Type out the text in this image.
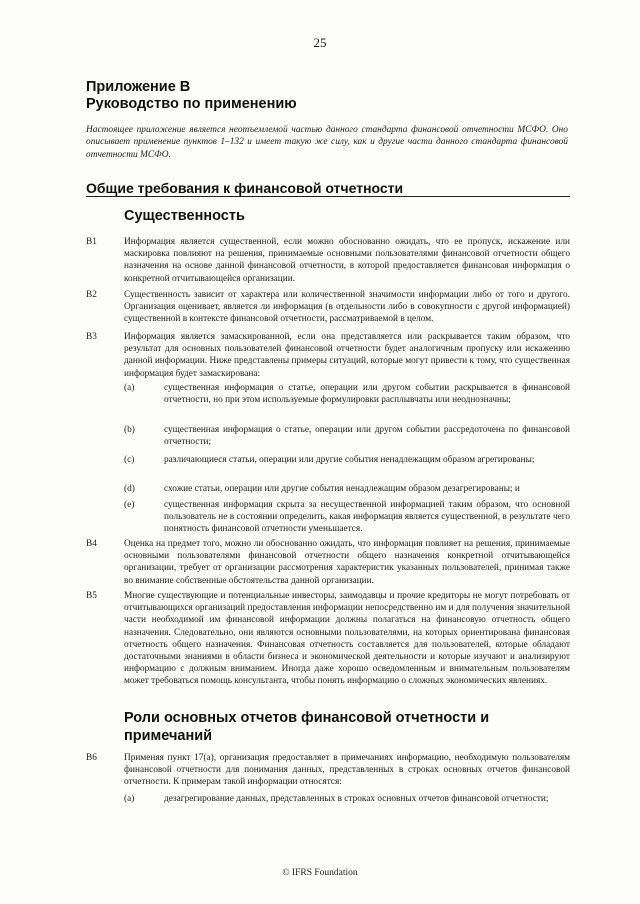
25
Приложение B
Руководство по применению
Настоящее приложение является неотъемлемой частью данного стандарта финансовой отчетности МСФО. Оно описывает применение пунктов 1–132 и имеет такую же силу, как и другие части данного стандарта финансовой отчетности МСФО.
Общие требования к финансовой отчетности
Существенность
B1	Информация является существенной, если можно обоснованно ожидать, что ее пропуск, искажение или маскировка повлияют на решения, принимаемые основными пользователями финансовой отчетности общего назначения на основе данной финансовой отчетности, в которой предоставляется финансовая информация о конкретной отчитывающейся организации.
B2	Существенность зависит от характера или количественной значимости информации либо от того и другого. Организация оценивает, является ли информация (в отдельности либо в совокупности с другой информацией) существенной в контексте финансовой отчетности, рассматриваемой в целом.
B3	Информация является замаскированной, если она представляется или раскрывается таким образом, что результат для основных пользователей финансовой отчетности будет аналогичным пропуску или искажению данной информации. Ниже представлены примеры ситуаций, которые могут привести к тому, что существенная информация будет замаскирована:
(a)	существенная информация о статье, операции или другом событии раскрывается в финансовой отчетности, но при этом используемые формулировки расплывчаты или неоднозначны;
(b)	существенная информация о статье, операции или другом событии рассредоточена по финансовой отчетности;
(c)	различающиеся статьи, операции или другие события ненадлежащим образом агрегированы;
(d)	схожие статьи, операции или другие события ненадлежащим образом дезагрегированы; и
(e)	существенная информация скрыта за несущественной информацией таким образом, что основной пользователь не в состоянии определить, какая информация является существенной, в результате чего понятность финансовой отчетности уменьшается.
B4	Оценка на предмет того, можно ли обоснованно ожидать, что информация повлияет на решения, принимаемые основными пользователями финансовой отчетности общего назначения конкретной отчитывающейся организации, требует от организации рассмотрения характеристик указанных пользователей, принимая также во внимание собственные обстоятельства данной организации.
B5	Многие существующие и потенциальные инвесторы, заимодавцы и прочие кредиторы не могут потребовать от отчитывающихся организаций предоставления информации непосредственно им и для получения значительной части необходимой им финансовой информации должны полагаться на финансовую отчетность общего назначения. Следовательно, они являются основными пользователями, на которых ориентирована финансовая отчетность общего назначения. Финансовая отчетность составляется для пользователей, которые обладают достаточными знаниями в области бизнеса и экономической деятельности и которые изучают и анализируют информацию с должным вниманием. Иногда даже хорошо осведомленным и внимательным пользователям может требоваться помощь консультанта, чтобы понять информацию о сложных экономических явлениях.
Роли основных отчетов финансовой отчетности и примечаний
B6	Применяя пункт 17(a), организация предоставляет в примечаниях информацию, необходимую пользователям финансовой отчетности для понимания данных, представленных в строках основных отчетов финансовой отчетности. К примерам такой информации относятся:
(a)	дезагрегирование данных, представленных в строках основных отчетов финансовой отчетности;
© IFRS Foundation
